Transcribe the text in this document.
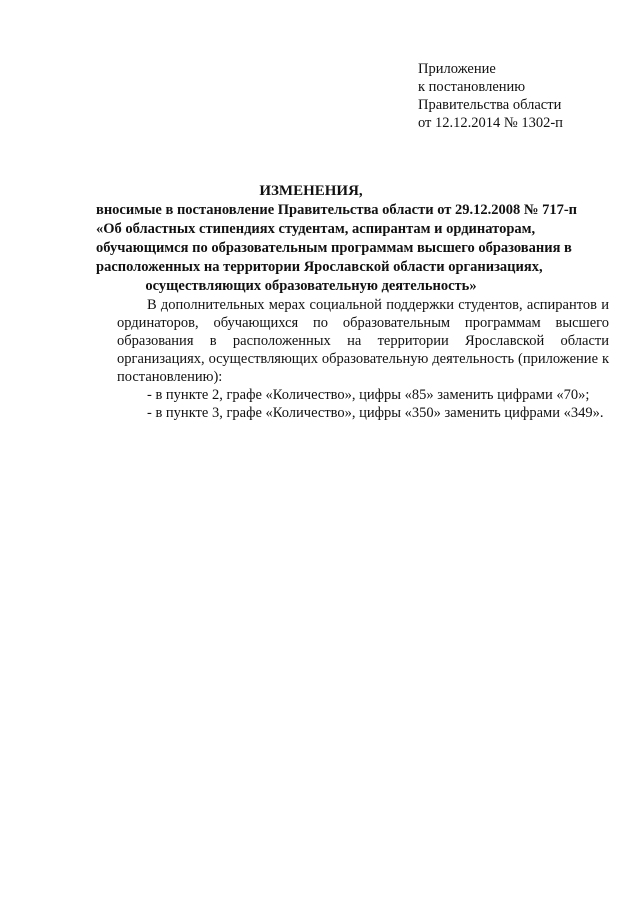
Приложение
к постановлению
Правительства области
от 12.12.2014 № 1302-п
ИЗМЕНЕНИЯ,
вносимые в постановление Правительства области от 29.12.2008 № 717-п
«Об областных стипендиях студентам, аспирантам и ординаторам,
обучающимся по образовательным программам высшего образования в
расположенных на территории Ярославской области организациях,
осуществляющих образовательную деятельность»

В дополнительных мерах социальной поддержки студентов, аспирантов и ординаторов, обучающихся по образовательным программам высшего образования в расположенных на территории Ярославской области организациях, осуществляющих образовательную деятельность (приложение к постановлению):

- в пункте 2, графе «Количество», цифры «85» заменить цифрами «70»;

- в пункте 3, графе «Количество», цифры «350» заменить цифрами «349».
